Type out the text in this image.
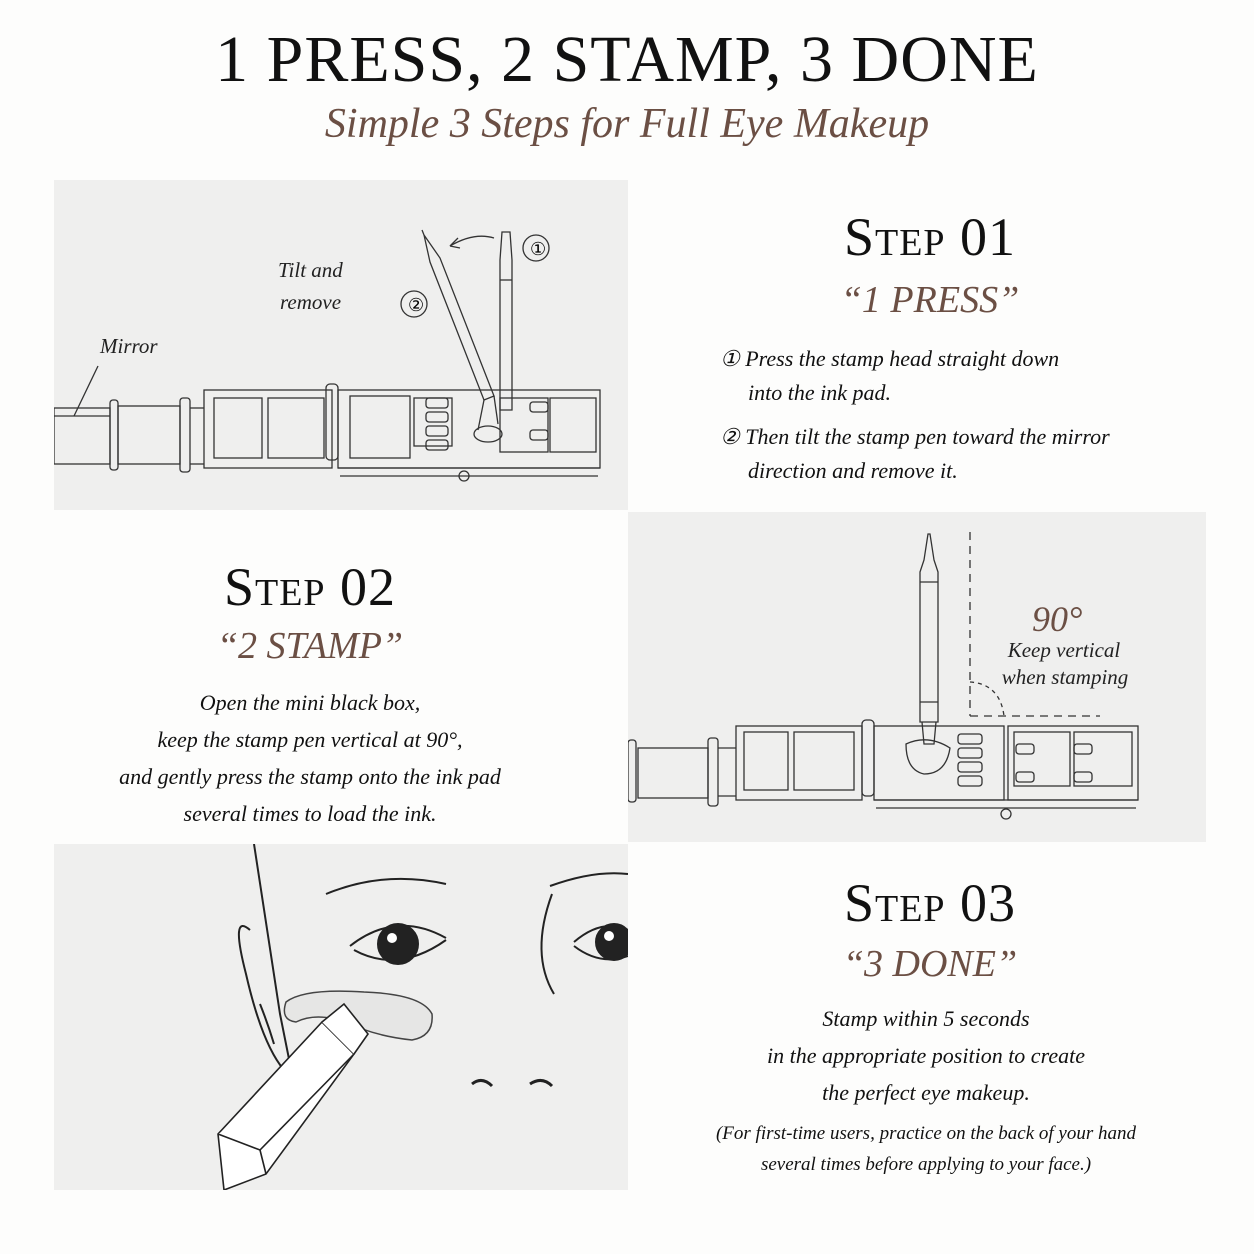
1 PRESS, 2 STAMP, 3 DONE
Simple 3 Steps for Full Eye Makeup
①
②
Tilt and
remove
Mirror
Step 01
“1 PRESS”
① Press the stamp head straight down
into the ink pad.
② Then tilt the stamp pen toward the mirror
direction and remove it.
Step 02
“2 STAMP”
Open the mini black box,
keep the stamp pen vertical at 90°,
and gently press the stamp onto the ink pad
several times to load the ink.
90°
Keep vertical
when stamping
Step 03
“3 DONE”
Stamp within 5 seconds
in the appropriate position to create
the perfect eye makeup.
(For first-time users, practice on the back of your hand
several times before applying to your face.)
